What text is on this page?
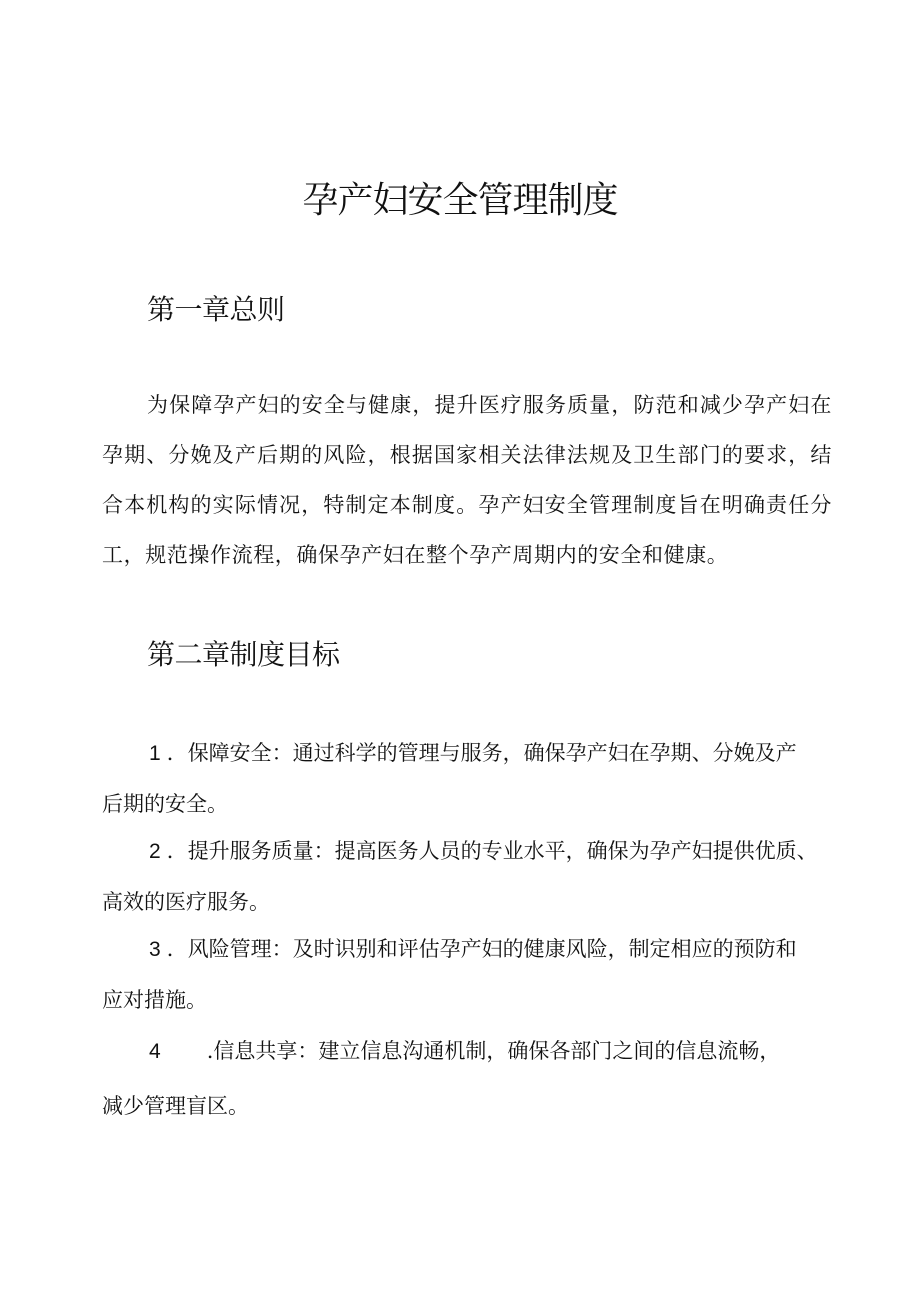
孕产妇安全管理制度
第一章总则

为保障孕产妇的安全与健康，提升医疗服务质量，防范和减少孕产妇在孕期、分娩及产后期的风险，根据国家相关法律法规及卫生部门的要求，结合本机构的实际情况，特制定本制度。孕产妇安全管理制度旨在明确责任分工，规范操作流程，确保孕产妇在整个孕产周期内的安全和健康。

第二章制度目标
1 ．保障安全：通过科学的管理与服务，确保孕产妇在孕期、分娩及产
后期的安全。
2 ．提升服务质量：提高医务人员的专业水平，确保为孕产妇提供优质、
高效的医疗服务。
3 ．风险管理：及时识别和评估孕产妇的健康风险，制定相应的预防和
应对措施。
4 .信息共享：建立信息沟通机制，确保各部门之间的信息流畅，
减少管理盲区。
